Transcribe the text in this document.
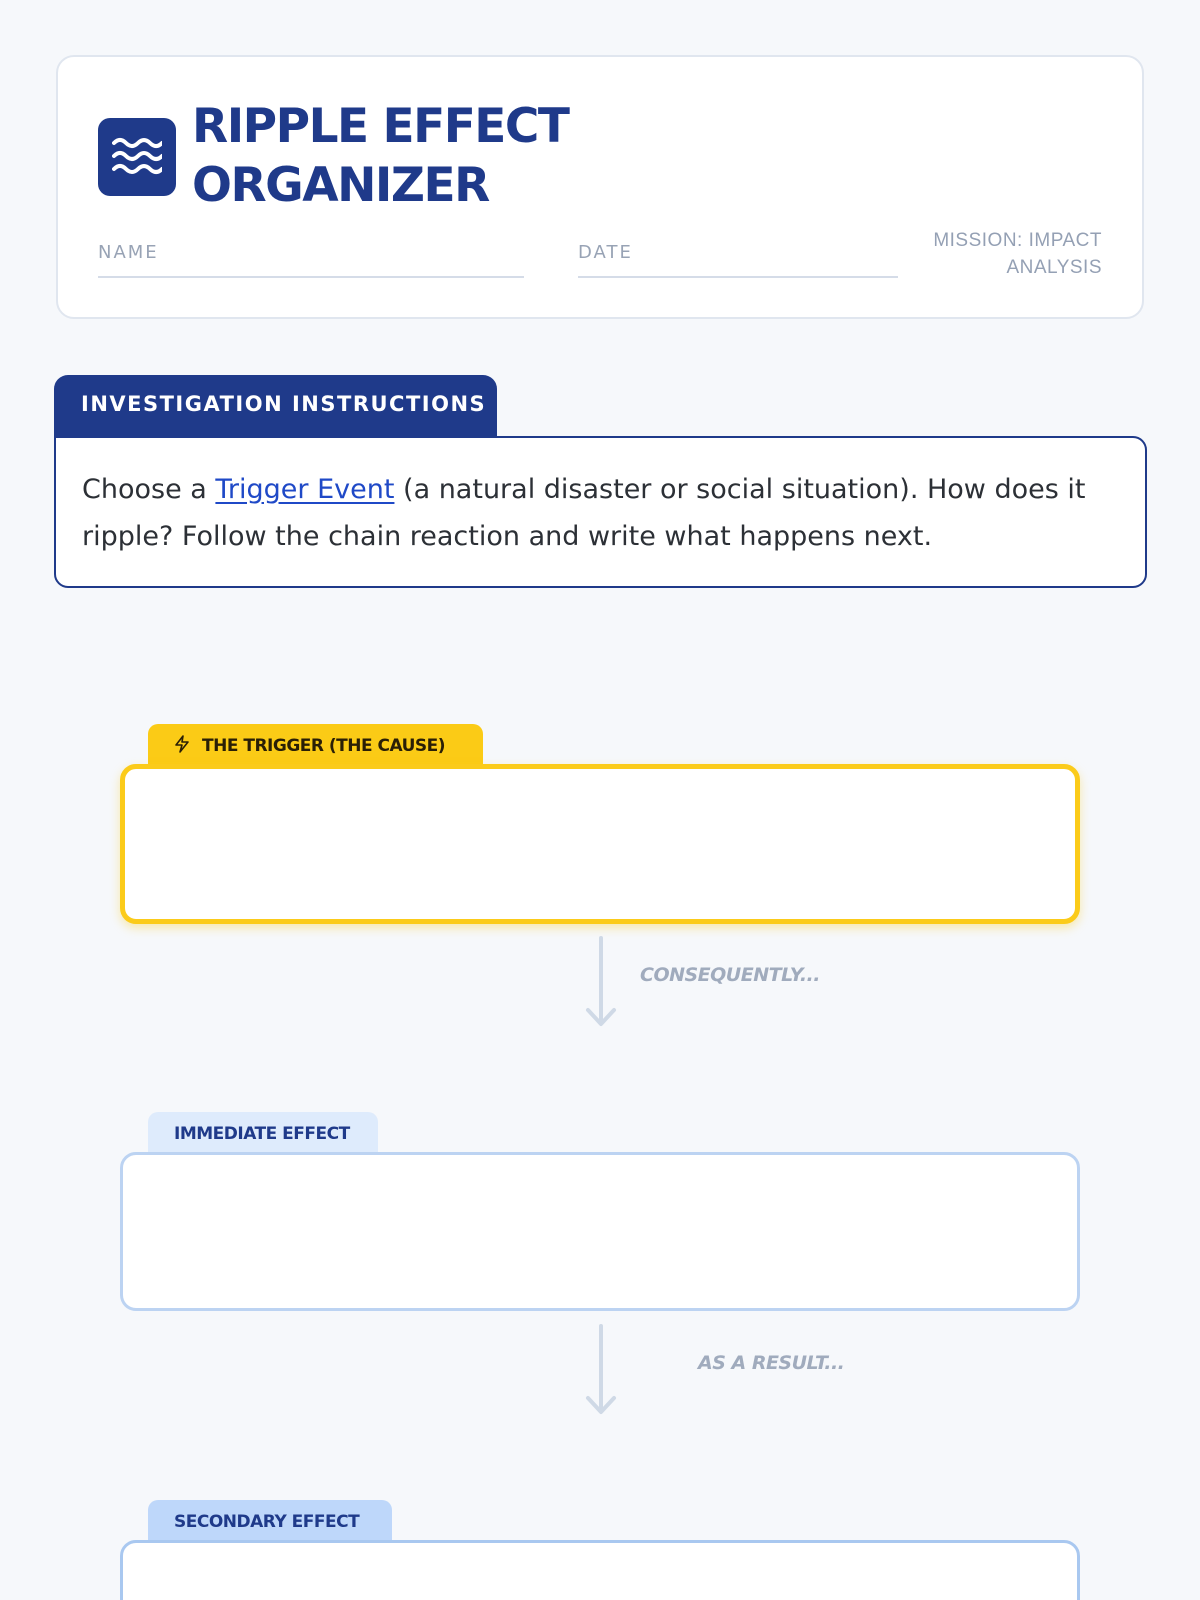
RIPPLE EFFECT
ORGANIZER
NAME	DATE
MISSION: IMPACT
ANALYSIS
INVESTIGATION INSTRUCTIONS
Choose a Trigger Event (a natural disaster or social situation). How does it ripple? Follow the chain reaction and write what happens next.
THE TRIGGER (THE CAUSE)
CONSEQUENTLY...
IMMEDIATE EFFECT
AS A RESULT...
SECONDARY EFFECT
